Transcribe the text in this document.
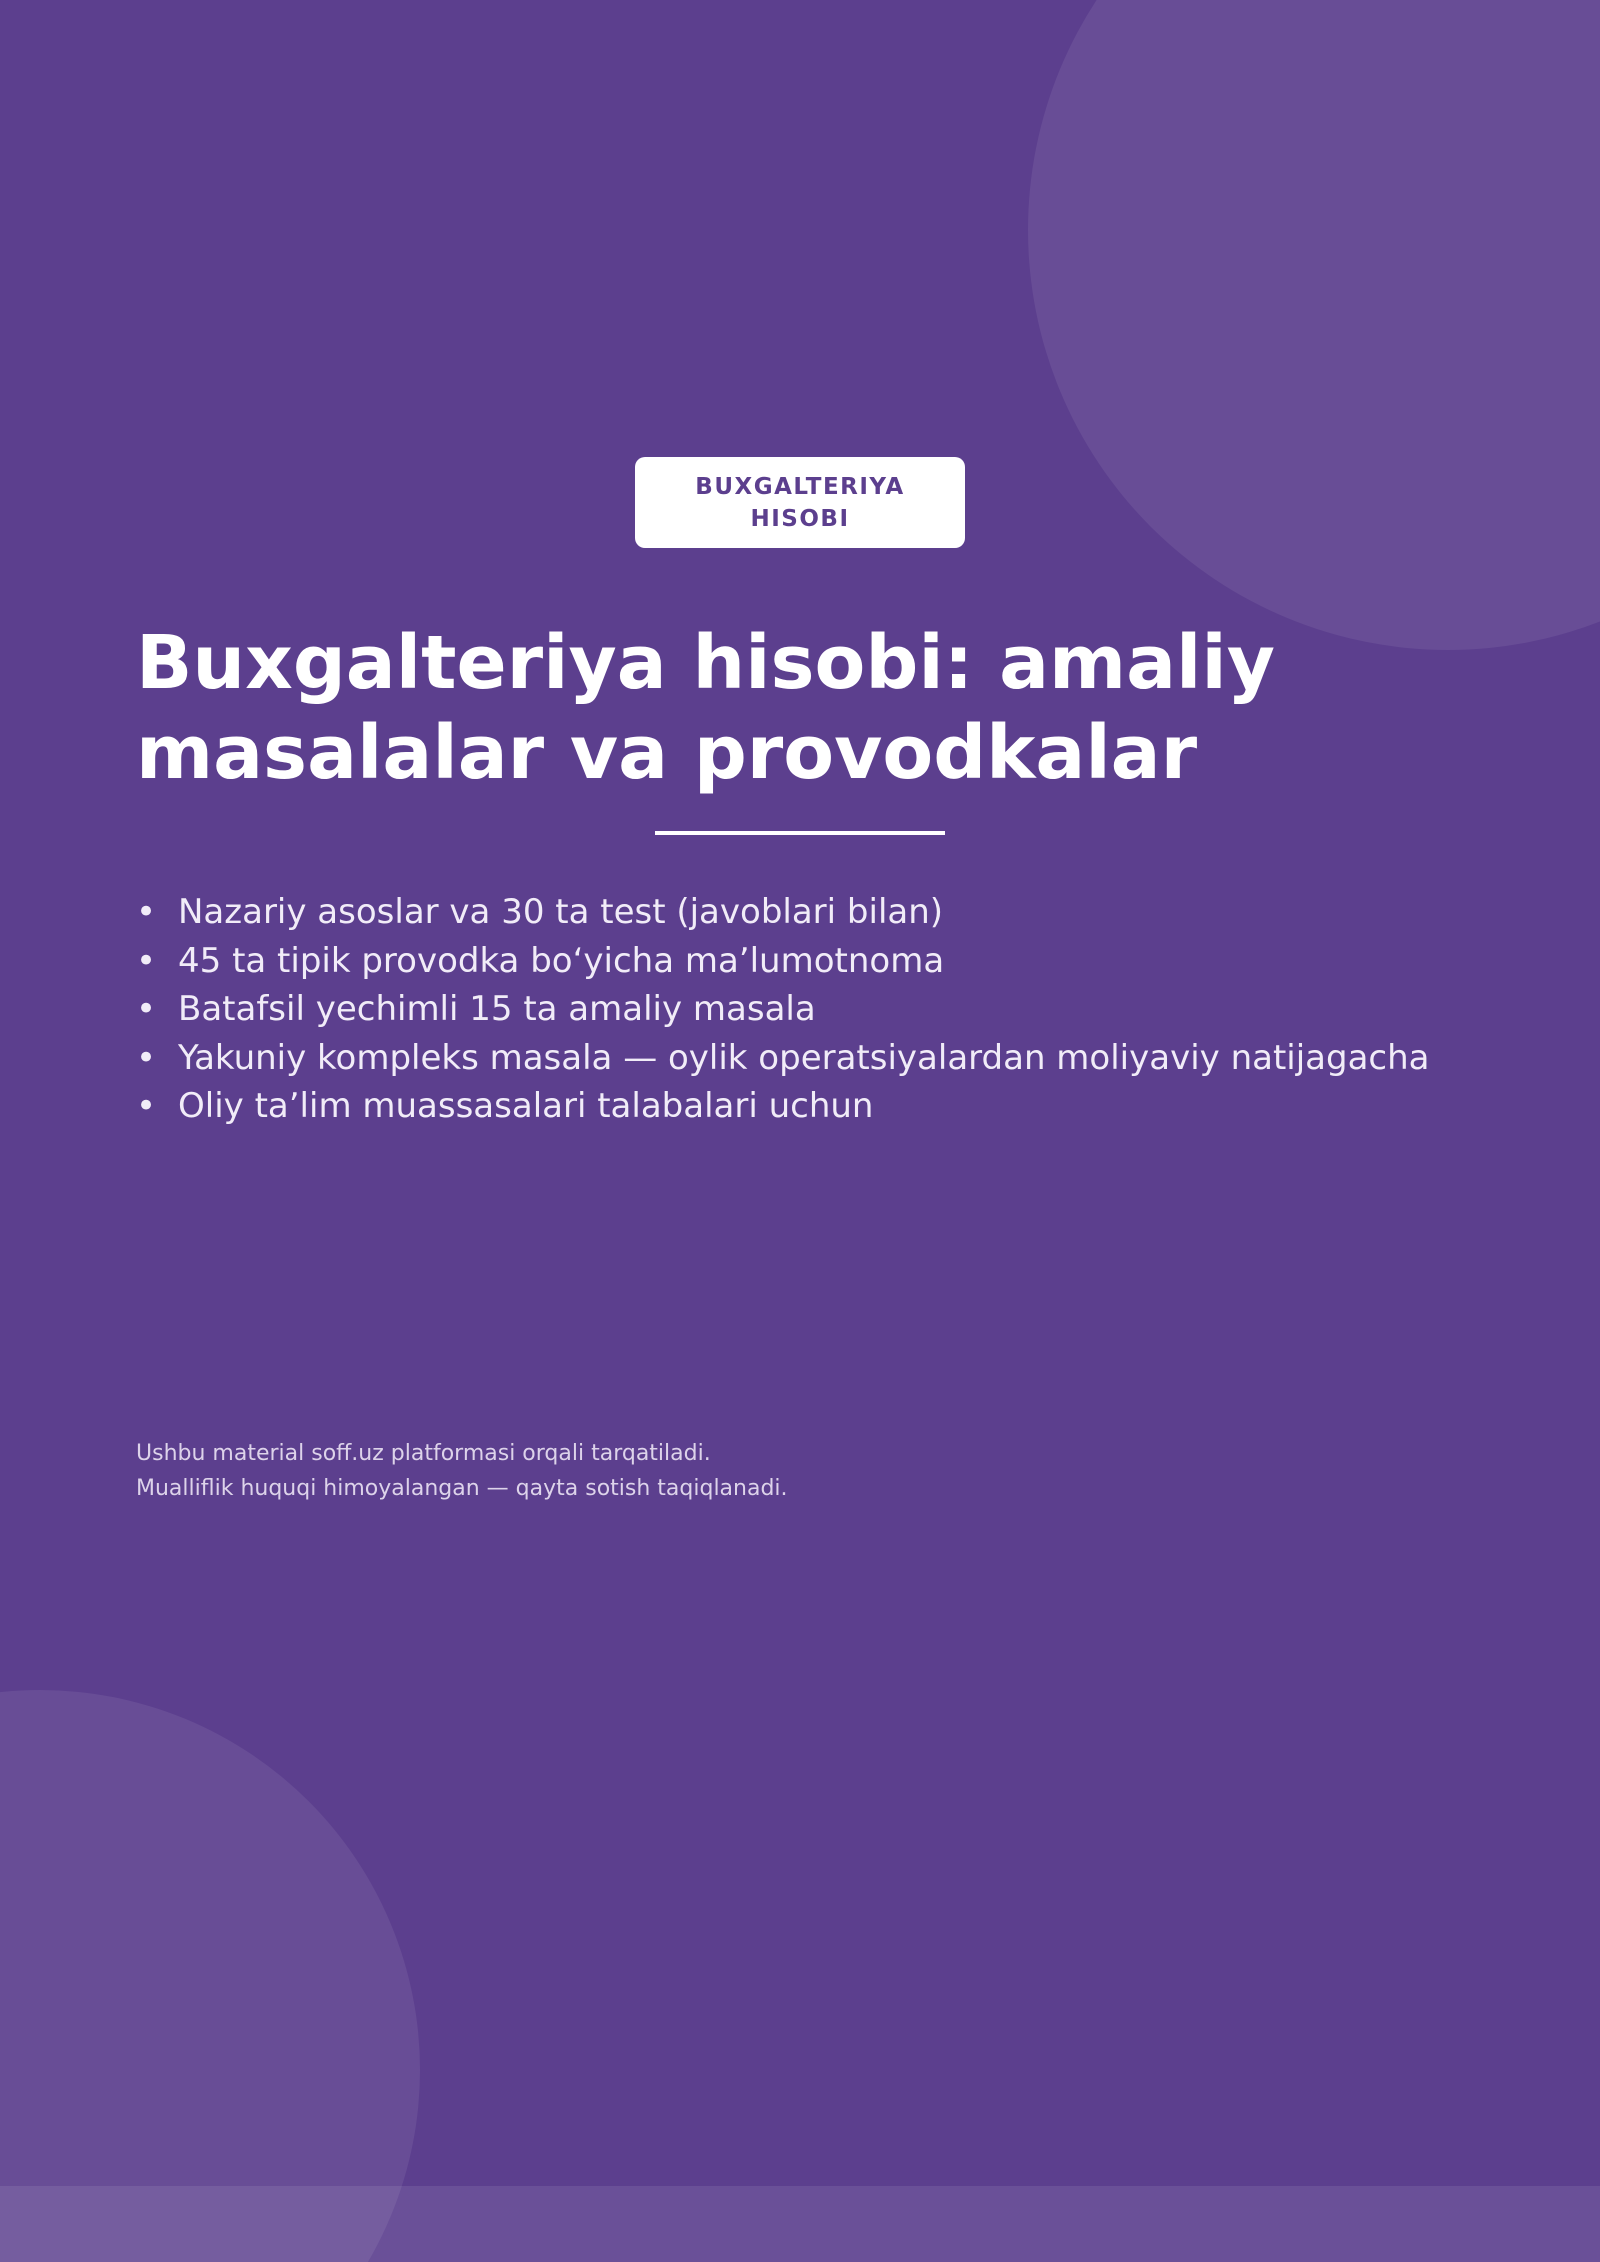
BUXGALTERIYA HISOBI
Buxgalteriya hisobi: amaliy masalalar va provodkalar
• Nazariy asoslar va 30 ta test (javoblari bilan)
• 45 ta tipik provodka bo‘yicha ma’lumotnoma
• Batafsil yechimli 15 ta amaliy masala
• Yakuniy kompleks masala — oylik operatsiyalardan moliyaviy natijagacha
• Oliy ta’lim muassasalari talabalari uchun
Ushbu material soff.uz platformasi orqali tarqatiladi.
Mualliflik huquqi himoyalangan — qayta sotish taqiqlanadi.
